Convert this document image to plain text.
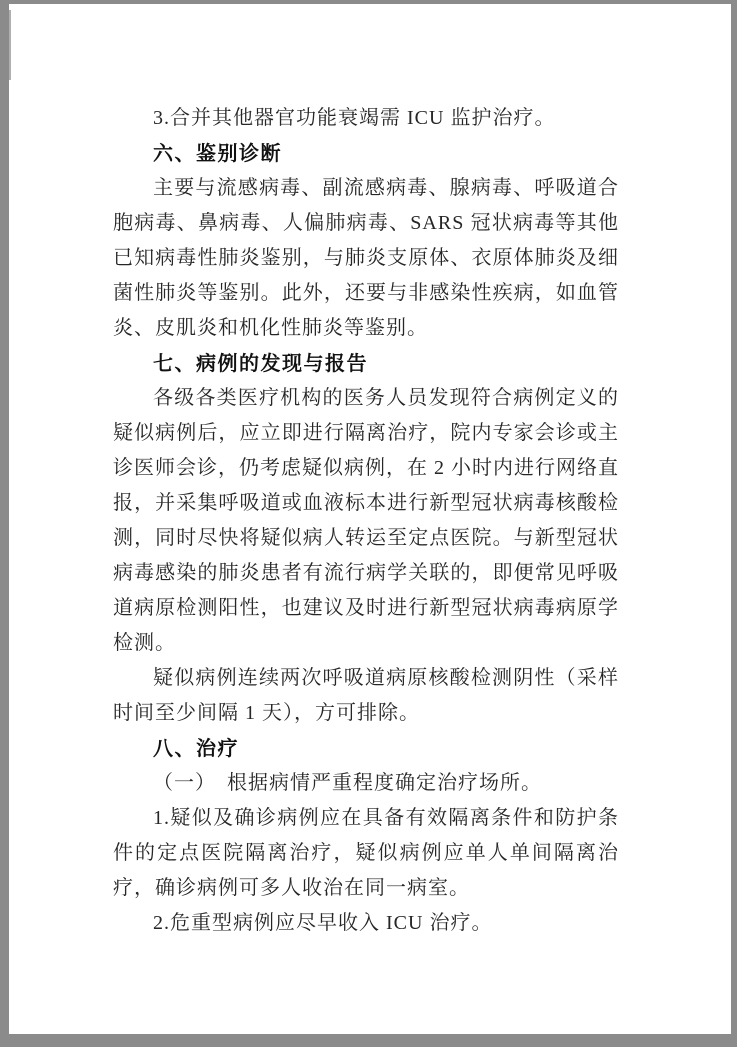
3.合并其他器官功能衰竭需 ICU 监护治疗。

六、鉴别诊断

主要与流感病毒、副流感病毒、腺病毒、呼吸道合胞病毒、鼻病毒、人偏肺病毒、SARS 冠状病毒等其他已知病毒性肺炎鉴别，与肺炎支原体、衣原体肺炎及细菌性肺炎等鉴别。此外，还要与非感染性疾病，如血管炎、皮肌炎和机化性肺炎等鉴别。

七、病例的发现与报告

各级各类医疗机构的医务人员发现符合病例定义的疑似病例后，应立即进行隔离治疗，院内专家会诊或主诊医师会诊，仍考虑疑似病例，在 2 小时内进行网络直报，并采集呼吸道或血液标本进行新型冠状病毒核酸检测，同时尽快将疑似病人转运至定点医院。与新型冠状病毒感染的肺炎患者有流行病学关联的，即便常见呼吸道病原检测阳性，也建议及时进行新型冠状病毒病原学检测。

疑似病例连续两次呼吸道病原核酸检测阴性（采样时间至少间隔 1 天），方可排除。

八、治疗

（一）　根据病情严重程度确定治疗场所。

1.疑似及确诊病例应在具备有效隔离条件和防护条件的定点医院隔离治疗，疑似病例应单人单间隔离治疗，确诊病例可多人收治在同一病室。

2.危重型病例应尽早收入 ICU 治疗。
